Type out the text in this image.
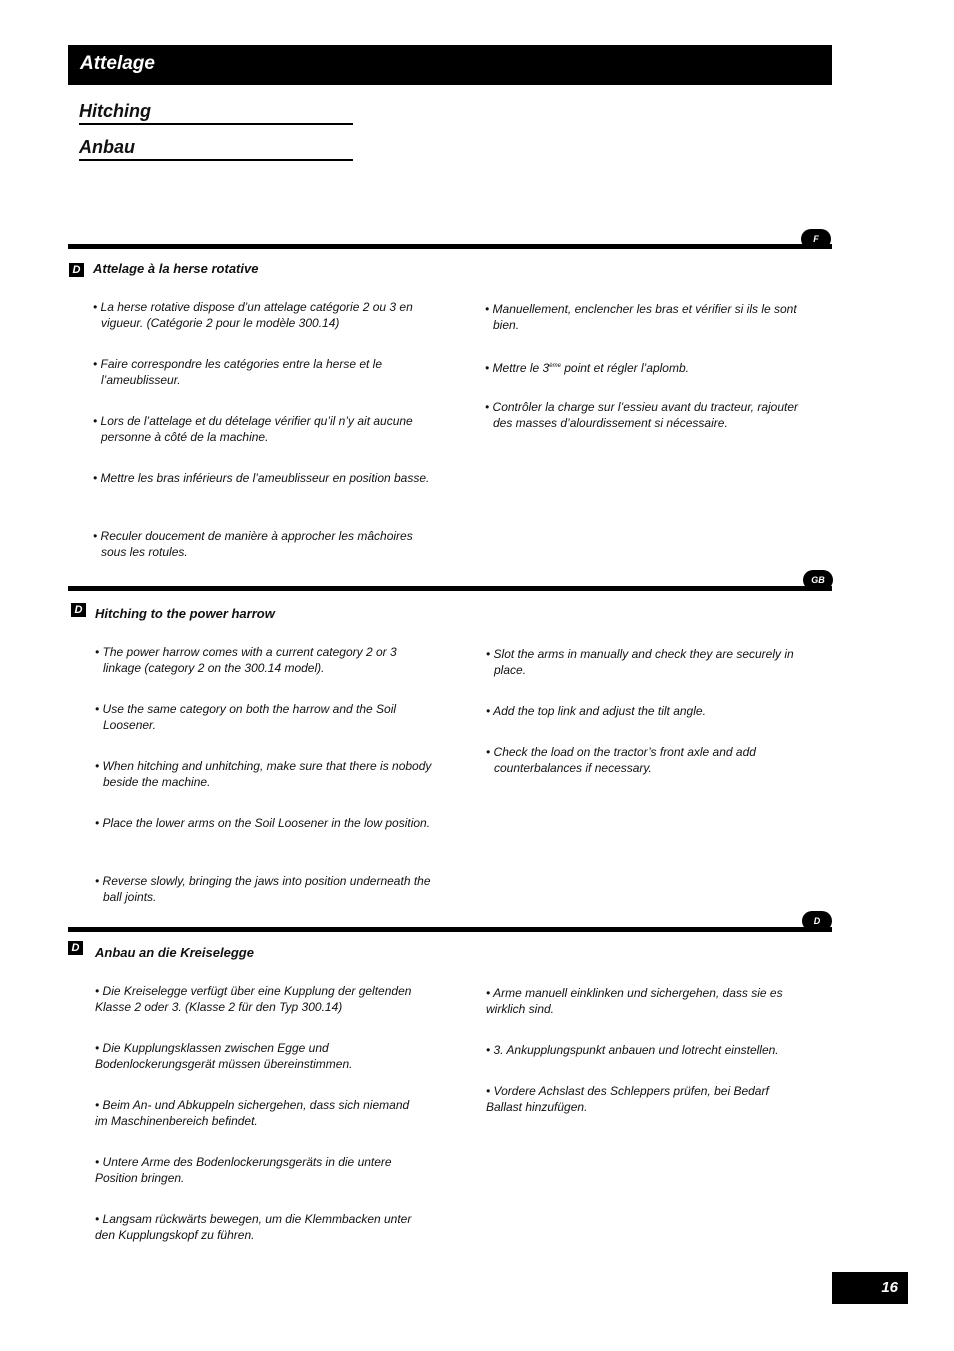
Attelage
Hitching
Anbau
F
D Attelage à la herse rotative

• La herse rotative dispose d’un attelage catégorie 2 ou 3 en vigueur. (Catégorie 2 pour le modèle 300.14)

• Faire correspondre les catégories entre la herse et le l’ameublisseur.

• Lors de l’attelage et du dételage vérifier qu’il n’y ait aucune personne à côté de la machine.

• Mettre les bras inférieurs de l’ameublisseur en position basse.

• Reculer doucement de manière à approcher les mâchoires sous les rotules.

• Manuellement, enclencher les bras et vérifier si ils le sont bien.

• Mettre le 3ème point et régler l’aplomb.

• Contrôler la charge sur l’essieu avant du tracteur, rajouter des masses d’alourdissement si nécessaire.

GB
D Hitching to the power harrow

• The power harrow comes with a current category 2 or 3 linkage (category 2 on the 300.14 model).

• Use the same category on both the harrow and the Soil Loosener.

• When hitching and unhitching, make sure that there is nobody beside the machine.

• Place the lower arms on the Soil Loosener in the low position.

• Reverse slowly, bringing the jaws into position underneath the ball joints.

• Slot the arms in manually and check they are securely in place.

• Add the top link and adjust the tilt angle.

• Check the load on the tractor’s front axle and add counterbalances if necessary.

D
D Anbau an die Kreiselegge

• Die Kreiselegge verfügt über eine Kupplung der geltenden Klasse 2 oder 3. (Klasse 2 für den Typ 300.14)

• Die Kupplungsklassen zwischen Egge und Bodenlockerungsgerät müssen übereinstimmen.

• Beim An- und Abkuppeln sichergehen, dass sich niemand im Maschinenbereich befindet.

• Untere Arme des Bodenlockerungsgeräts in die untere Position bringen.

• Langsam rückwärts bewegen, um die Klemmbacken unter den Kupplungskopf zu führen.

• Arme manuell einklinken und sichergehen, dass sie es wirklich sind.

• 3. Ankupplungspunkt anbauen und lotrecht einstellen.

• Vordere Achslast des Schleppers prüfen, bei Bedarf Ballast hinzufügen.

16
